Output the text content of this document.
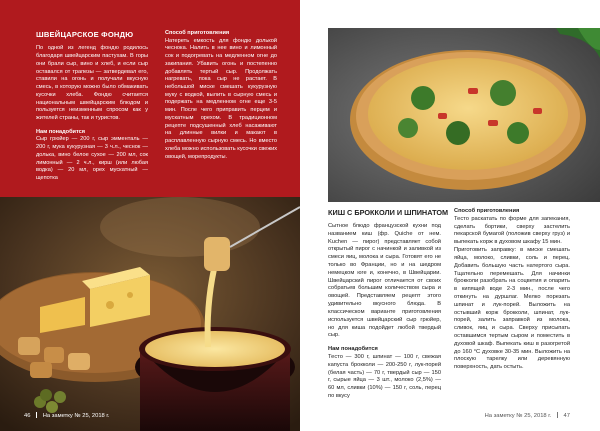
ШВЕЙЦАРСКОЕ ФОНДЮ

По одной из легенд фондю родилось благодаря швейцарским пастухам. В горы они брали сыр, вино и хлеб, и если сыр оставался от трапезы — затвердевал его, ставили на огонь и получали вкусную смесь, в которую можно было обмакивать кусочки хлеба. Фондю считается национальным швейцарским блюдом и пользуется неизменным спросом как у жителей страны, так и туристов.

Нам понадобится

Сыр грюйер — 200 г, сыр эмменталь — 200 г, мука кукурузная — 3 ч.л., чеснок — долька, вино белое сухое — 200 мл, сок лимонный — 2 ч.л., кирш (или любая водка) — 20 мл, орех мускатный — щепотка

Способ приготовления

Натереть емкость для фондю долькой чеснока. Налить в нее вино и лимонный сок и подогревать на медленном огне до закипания. Убавить огонь и постепенно добавлять тертый сыр. Продолжать нагревать, пока сыр не растает. В небольшой миске смешать кукурузную муку с водкой, вылить в сырную смесь и подержать на медленном огне еще 3-5 мин. После чего приправить перцем и мускатным орехом. В традиционном рецепте подсушенный хлеб насаживают на длинные вилки и макают в расплавленную сырную смесь. Но вместо хлеба можно использовать кусочки свежих овощей, морепродукты.

46 На заметку № 25, 2018 г.

КИШ С БРОККОЛИ И ШПИНАТОМ

Сытное блюдо французской кухни под названием киш (фр. Quiche от нем. Kuchen — пирог) представляет собой открытый пирог с начинкой и заливкой из смеси яиц, молока и сыра. Готовят его не только во Франции, но и на шедром немецком юге и, конечно, в Швейцарии. Швейцарский пирог отличается от своих собратьев большим количеством сыра и овощей. Представляем рецепт этого удивительно вкусного блюда. В классическом варианте приготовления используется швейцарский сыр грюйер, но для киша подойдет любой твердый сыр.

Нам понадобится

Тесто — 300 г, шпинат — 100 г, свежая капуста брокколи — 200-250 г, лук-порей (белая часть) — 70 г, твердый сыр — 150 г, сырые яйца — 3 шт., молоко (2,5%) — 60 мл, сливки (10%) — 150 г, соль, перец по вкусу

Способ приготовления

Тесто раскатать по форме для запекания, сделать бортики, сверху застелить пекарской бумагой (положив сверху груз) и выпекать корж в духовом шкафу 15 мин.

Приготовить заправку: в миске смешать яйца, молоко, сливки, соль и перец. Добавить большую часть натертого сыра. Тщательно перемешать. Для начинки брокколи разобрать на соцветия и опарить в кипящей воде 2-3 мин., после чего откинуть на дуршлаг. Мелко порезать шпинат и лук-порей. Выложить на остывший корж брокколи, шпинат, лук-порей, залить заправкой из молока, сливок, яиц и сыра. Сверху присыпать оставшимся тертым сыром и поместить в духовой шкаф. Выпекать киш в разогретой до 160 °C духовке 30-35 мин. Выложить на плоскую тарелку или деревянную поверхность, дать остыть.

На заметку № 25, 2018 г. 47
